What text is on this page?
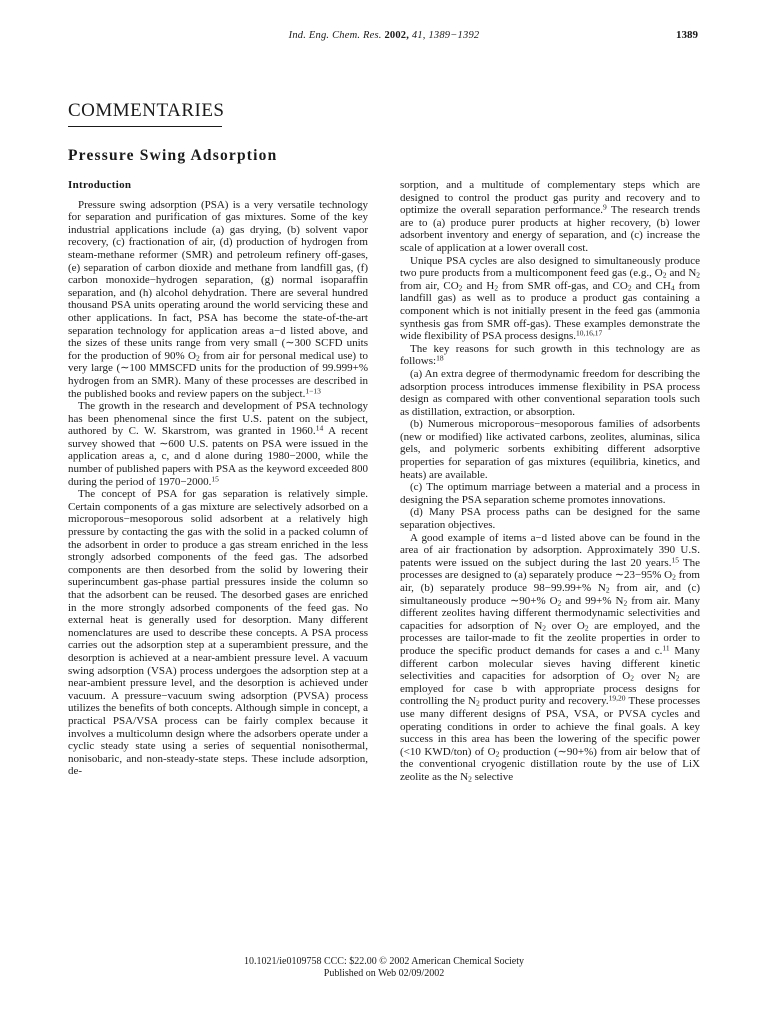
Ind. Eng. Chem. Res. 2002, 41, 1389−1392	1389
COMMENTARIES
Pressure Swing Adsorption
Introduction

Pressure swing adsorption (PSA) is a very versatile technology for separation and purification of gas mixtures. Some of the key industrial applications include (a) gas drying, (b) solvent vapor recovery, (c) fractionation of air, (d) production of hydrogen from steam-methane reformer (SMR) and petroleum refinery off-gases, (e) separation of carbon dioxide and methane from landfill gas, (f) carbon monoxide−hydrogen separation, (g) normal isoparaffin separation, and (h) alcohol dehydration. There are several hundred thousand PSA units operating around the world servicing these and other applications. In fact, PSA has become the state-of-the-art separation technology for application areas a−d listed above, and the sizes of these units range from very small (∼300 SCFD units for the production of 90% $O_2$ from air for personal medical use) to very large (∼100 MMSCFD units for the production of 99.999+% hydrogen from an SMR). Many of these processes are described in the published books and review papers on the subject.$^{1-13}$

The growth in the research and development of PSA technology has been phenomenal since the first U.S. patent on the subject, authored by C. W. Skarstrom, was granted in 1960.14 A recent survey showed that ∼600 U.S. patents on PSA were issued in the application areas a, c, and d alone during 1980−2000, while the number of published papers with PSA as the keyword exceeded 800 during the period of 1970−2000.15

The concept of PSA for gas separation is relatively simple. Certain components of a gas mixture are selectively adsorbed on a microporous−mesoporous solid adsorbent at a relatively high pressure by contacting the gas with the solid in a packed column of the adsorbent in order to produce a gas stream enriched in the less strongly adsorbed components of the feed gas. The adsorbed components are then desorbed from the solid by lowering their superincumbent gas-phase partial pressures inside the column so that the adsorbent can be reused. The desorbed gases are enriched in the more strongly adsorbed components of the feed gas. No external heat is generally used for desorption. Many different nomenclatures are used to describe these concepts. A PSA process carries out the adsorption step at a superambient pressure, and the desorption is achieved at a near-ambient pressure level. A vacuum swing adsorption (VSA) process undergoes the adsorption step at a near-ambient pressure level, and the desorption is achieved under vacuum. A pressure−vacuum swing adsorption (PVSA) process utilizes the benefits of both concepts. Although simple in concept, a practical PSA/VSA process can be fairly complex because it involves a multicolumn design where the adsorbers operate under a cyclic steady state using a series of sequential nonisothermal, nonisobaric, and non-steady-state steps. These include adsorption, de-

sorption, and a multitude of complementary steps which are designed to control the product gas purity and recovery and to optimize the overall separation performance.$^9$ The research trends are to (a) produce purer products at higher recovery, (b) lower adsorbent inventory and energy of separation, and (c) increase the scale of application at a lower overall cost.

Unique PSA cycles are also designed to simultaneously produce two pure products from a multicomponent feed gas (e.g., $O_2$ and $N_2$ from air, $CO_2$ and $H_2$ from SMR off-gas, and $CO_2$ and $CH_4$ from landfill gas) as well as to produce a product gas containing a component which is not initially present in the feed gas (ammonia synthesis gas from SMR off-gas). These examples demonstrate the wide flexibility of PSA process designs.$^{10,16,17}$

The key reasons for such growth in this technology are as follows:$^{18}$

(a) An extra degree of thermodynamic freedom for describing the adsorption process introduces immense flexibility in PSA process design as compared with other conventional separation tools such as distillation, extraction, or absorption.

(b) Numerous microporous−mesoporous families of adsorbents (new or modified) like activated carbons, zeolites, aluminas, silica gels, and polymeric sorbents exhibiting different adsorptive properties for separation of gas mixtures (equilibria, kinetics, and heats) are available.

(c) The optimum marriage between a material and a process in designing the PSA separation scheme promotes innovations.

(d) Many PSA process paths can be designed for the same separation objectives.

A good example of items a−d listed above can be found in the area of air fractionation by adsorption. Approximately 390 U.S. patents were issued on the subject during the last 20 years.$^{15}$ The processes are designed to (a) separately produce ∼23−95% $O_2$ from air, (b) separately produce 98−99.99+% $N_2$ from air, and (c) simultaneously produce ∼90+% $O_2$ and 99+% $N_2$ from air. Many different zeolites having different thermodynamic selectivities and capacities for adsorption of $N_2$ over $O_2$ are employed, and the processes are tailor-made to fit the zeolite properties in order to produce the specific product demands for cases a and c.$^{11}$ Many different carbon molecular sieves having different kinetic selectivities and capacities for adsorption of $O_2$ over $N_2$ are employed for case b with appropriate process designs for controlling the $N_2$ product purity and recovery.$^{19,20}$ These processes use many different designs of PSA, VSA, or PVSA cycles and operating conditions in order to achieve the final goals. A key success in this area has been the lowering of the specific power (<10 KWD/ton) of $O_2$ production (∼90+%) from air below that of the conventional cryogenic distillation route by the use of LiX zeolite as the $N_2$ selective

10.1021/ie0109758 CCC: $22.00 © 2002 American Chemical Society
Published on Web 02/09/2002
